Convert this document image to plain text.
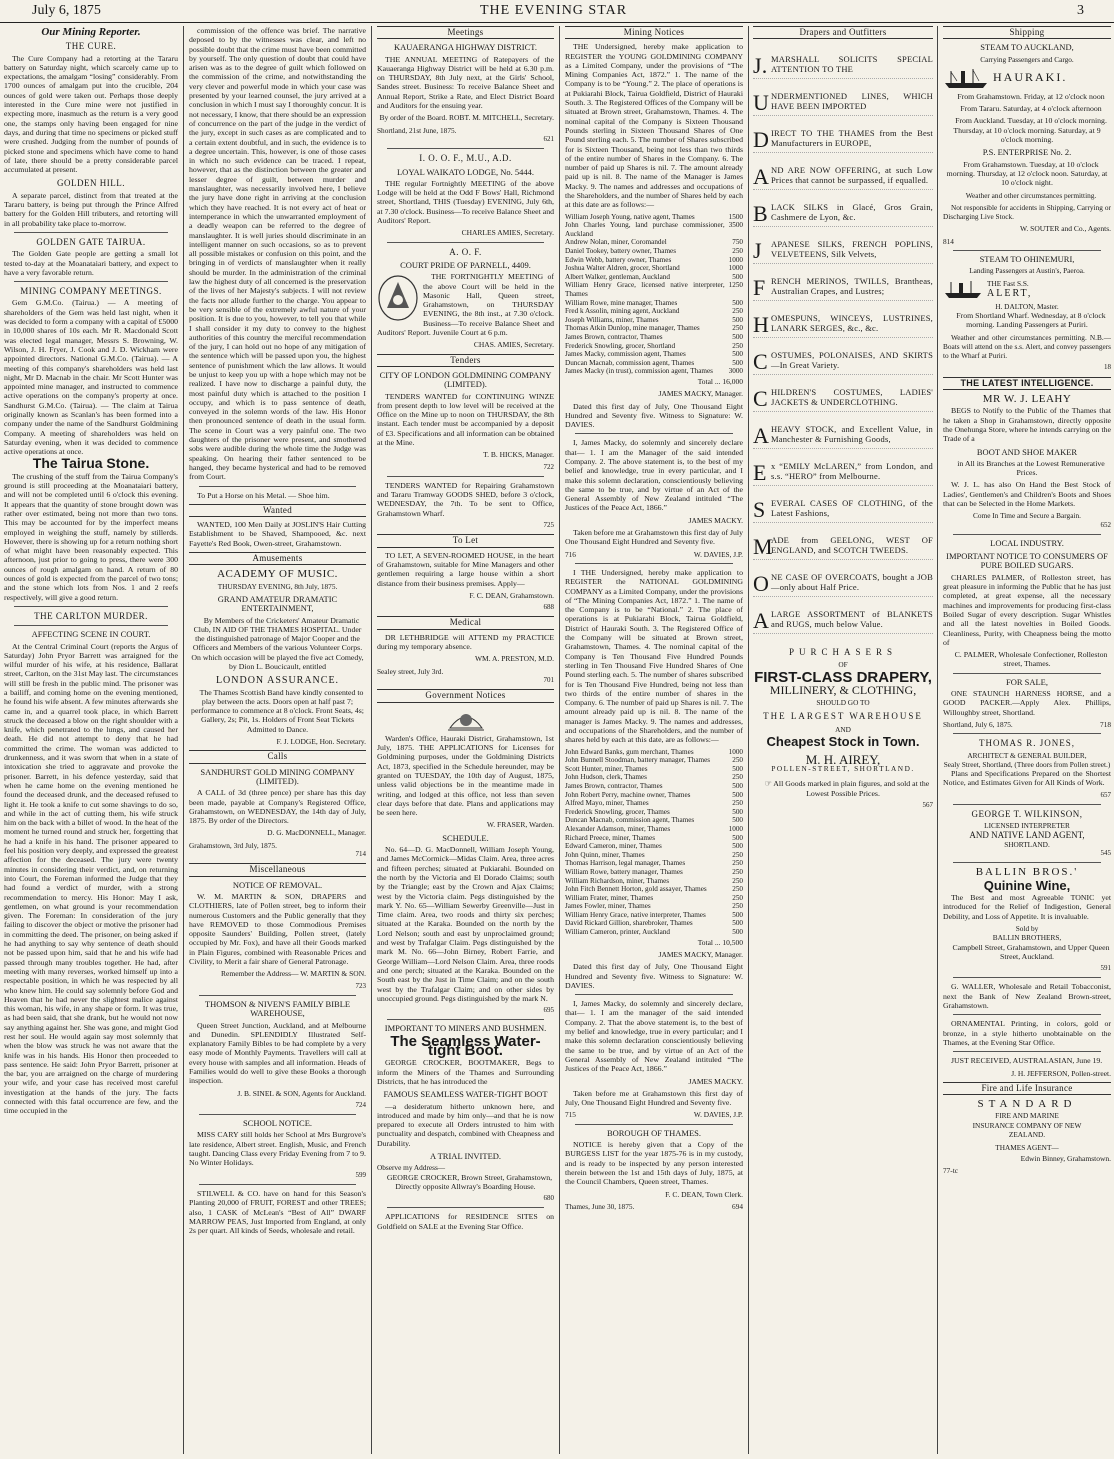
July 6, 1875	THE EVENING STAR	3
Our Mining Reporter.
THE CURE.

The Cure Company had a retorting at the Tararu battery on Saturday night, which scarcely came up to expectations, the amalgam “losing” considerably. From 1700 ounces of amalgam put into the crucible, 204 ounces of gold were taken out. Perhaps those deeply interested in the Cure mine were not justified in expecting more, inasmuch as the return is a very good one, the stamps only having been engaged for nine days, and during that time no specimens or picked stuff were crushed. Judging from the number of pounds of picked stone and specimens which have come to hand of late, there should be a pretty considerable parcel accumulated at present.

GOLDEN HILL.

A separate parcel, distinct from that treated at the Tararu battery, is being put through the Prince Alfred battery for the Golden Hill tributers, and retorting will in all probability take place to-morrow.

GOLDEN GATE TAIRUA.

The Golden Gate people are getting a small lot tested to-day at the Moanataiari battery, and expect to have a very favorable return.

MINING COMPANY MEETINGS.

Gem G.M.Co. (Tairua.) — A meeting of shareholders of the Gem was held last night, when it was decided to form a company with a capital of £5000 in 10,000 shares of 10s each. Mr R. Macdonald Scott was elected legal manager, Messrs S. Browning, W. Wilson, J. H. Fryer, J. Cook and J. D. Wickham were appointed directors. National G.M.Co. (Tairua). — A meeting of this company's shareholders was held last night, Mr D. Macnab in the chair. Mr Scott Hunter was appointed mine manager, and instructed to commence active operations on the company's property at once. Sandhurst G.M.Co. (Tairua). — The claim at Tairua originally known as Scanlan's has been formed into a company under the name of the Sandhurst Goldmining Company. A meeting of shareholders was held on Saturday evening, when it was decided to commence active operations at once.

The Tairua Stone.

The crushing of the stuff from the Tairua Company's ground is still proceeding at the Moanataiari battery, and will not be completed until 6 o'clock this evening. It appears that the quantity of stone brought down was rather over estimated, being not more than two tons. This may be accounted for by the imperfect means employed in weighing the stuff, namely by stillerds. However, there is showing up for a return nothing short of what might have been reasonably expected. This afternoon, just prior to going to press, there were 300 ounces of rough amalgam on hand. A return of 80 ounces of gold is expected from the parcel of two tons; and the stone which lots from Nos. 1 and 2 reefs respectively, will give a good return.

THE CARLTON MURDER.
AFFECTING SCENE IN COURT.

At the Central Criminal Court (reports the Argus of Saturday) John Pryor Barrett was arraigned for the wilful murder of his wife, at his residence, Ballarat street, Carlton, on the 31st May last. The circumstances will still be fresh in the public mind. The prisoner was a bailiff, and coming home on the evening mentioned, he found his wife absent. A few minutes afterwards she came in, and a quarrel took place, in which Barrett struck the deceased a blow on the right shoulder with a knife, which penetrated to the lungs, and caused her death. He did not attempt to deny that he had committed the crime. The woman was addicted to drunkenness, and it was sworn that when in a state of intoxication she tried to aggravate and provoke the prisoner. Barrett, in his defence yesterday, said that when he came home on the evening mentioned he found the deceased drunk, and the deceased refused to light it. He took a knife to cut some shavings to do so, and while in the act of cutting them, his wife struck him on the back with a billet of wood. In the heat of the moment he turned round and struck her, forgetting that he had a knife in his hand. The prisoner appeared to feel his position very deeply, and expressed the greatest affection for the deceased. The jury were twenty minutes in considering their verdict, and, on returning into Court, the Foreman informed the Judge that they had found a verdict of murder, with a strong recommendation to mercy. His Honor: May I ask, gentlemen, on what ground is your recommendation given. The Foreman: In consideration of the jury failing to discover the object or motive the prisoner had in committing the deed. The prisoner, on being asked if he had anything to say why sentence of death should not be passed upon him, said that he and his wife had passed through many troubles together. He had, after meeting with many reverses, worked himself up into a respectable position, in which he was respected by all who knew him. He could say solemnly before God and Heaven that he had never the slightest malice against this woman, his wife, in any shape or form. It was true, as had been said, that she drank, but he would not now say anything against her. She was gone, and might God rest her soul. He would again say most solemnly that when the blow was struck he was not aware that the knife was in his hands. His Honor then proceeded to pass sentence. He said: John Pryor Barrett, prisoner at the bar, you are arraigned on the charge of murdering your wife, and your case has received most careful investigation at the hands of the jury. The facts connected with this fatal occurrence are few, and the time occupied in the

commission of the offence was brief. The narrative deposed to by the witnesses was clear, and left no possible doubt that the crime must have been committed by yourself. The only question of doubt that could have arisen was as to the degree of guilt which followed on the commission of the crime, and notwithstanding the very clever and powerful mode in which your case was presented by your learned counsel, the jury arrived at a conclusion in which I must say I thoroughly concur. It is not necessary, I know, that there should be an expression of concurrence on the part of the judge in the verdict of the jury, except in such cases as are complicated and to a certain extent doubtful, and in such, the evidence is to a degree uncertain. This, however, is one of those cases in which no such evidence can be traced. I repeat, however, that as the distinction between the greater and lesser degree of guilt, between murder and manslaughter, was necessarily involved here, I believe the jury have done right in arriving at the conclusion which they have reached. It is not every act of heat or intemperance in which the unwarranted employment of a deadly weapon can be referred to the degree of manslaughter. It is well juries should discriminate in an intelligent manner on such occasions, so as to prevent all possible mistakes or confusion on this point, and the bringing in of verdicts of manslaughter when it really should be murder. In the administration of the criminal law the highest duty of all concerned is the preservation of the lives of her Majesty's subjects. I will not review the facts nor allude further to the charge. You appear to be very sensible of the extremely awful nature of your position. It is due to you, however, to tell you that while I shall consider it my duty to convey to the highest authorities of this country the merciful recommendation of the jury, I can hold out no hope of any mitigation of the sentence which will be passed upon you, the highest sentence of punishment which the law allows. It would be unjust to keep you up with a hope which may not be realized. I have now to discharge a painful duty, the most painful duty which is attached to the position I occupy, and which is to pass sentence of death, conveyed in the solemn words of the law. His Honor then pronounced sentence of death in the usual form. The scene in Court was a very painful one. The two daughters of the prisoner were present, and smothered sobs were audible during the whole time the Judge was speaking. On hearing their father sentenced to be hanged, they became hysterical and had to be removed from Court.

To Put a Horse on his Metal. — Shoe him.

Wanted

WANTED, 100 Men Daily at JOSLIN'S Hair Cutting Establishment to be Shaved, Shampooed, &c. next Fayette's Red Book, Owen-street, Grahamstown.

Amusements
ACADEMY OF MUSIC.
THURSDAY EVENING, 8th July, 1875.
GRAND AMATEUR DRAMATIC ENTERTAINMENT,

By Members of the Cricketers' Amateur Dramatic Club, IN AID OF THE THAMES HOSPITAL. Under the distinguished patronage of Major Cooper and the Officers and Members of the various Volunteer Corps. On which occasion will be played the five act Comedy, by Dion L. Boucicault, entitled

LONDON ASSURANCE.

The Thames Scottish Band have kindly consented to play between the acts. Doors open at half past 7; performance to commence at 8 o'clock. Front Seats, 4s; Gallery, 2s; Pit, 1s. Holders of Front Seat Tickets Admitted to Dance.

F. J. LODGE, Hon. Secretary.
Calls
SANDHURST GOLD MINING COMPANY (LIMITED).

A CALL of 3d (three pence) per share has this day been made, payable at Company's Registered Office, Grahamstown, on WEDNESDAY, the 14th day of July, 1875. By order of the Directors.

D. G. MacDONNELL, Manager.
Grahamstown, 3rd July, 1875.
714
Miscellaneous
NOTICE OF REMOVAL.

W. M. MARTIN & SON, DRAPERS and CLOTHIERS, late of Pollen street, beg to inform their numerous Customers and the Public generally that they have REMOVED to those Commodious Premises opposite Saunders' Building, Pollen street, (lately occupied by Mr. Fox), and have all their Goods marked in Plain Figures, combined with Reasonable Prices and Civility, to Merit a fair share of General Patronage.

Remember the Address— W. MARTIN & SON.
723
THOMSON & NIVEN'S FAMILY BIBLE WAREHOUSE,

Queen Street Junction, Auckland, and at Melbourne and Dunedin. SPLENDIDLY Illustrated Self-explanatory Family Bibles to be had complete by a very easy mode of Monthly Payments. Travellers will call at every house with samples and all information. Heads of Families would do well to give these Books a thorough inspection.

J. B. SINEL & SON, Agents for Auckland.
724
SCHOOL NOTICE.

MISS CARY still holds her School at Mrs Burgrove's late residence, Albert street. English, Music, and French taught. Dancing Class every Friday Evening from 7 to 9. No Winter Holidays.

599

STILWELL & CO. have on hand for this Season's Planting 20,000 of FRUIT, FOREST and other TREES; also, 1 CASK of McLean's “Best of All” DWARF MARROW PEAS, Just Imported from England, at only 2s per quart. All kinds of Seeds, wholesale and retail.

Meetings
KAUAERANGA HIGHWAY DISTRICT.

THE ANNUAL MEETING of Ratepayers of the Kauaeranga Highway District will be held at 6.30 p.m. on THURSDAY, 8th July next, at the Girls' School, Sandes street. Business: To receive Balance Sheet and Annual Report, Strike a Rate, and Elect District Board and Auditors for the ensuing year.

By order of the Board. ROBT. M. MITCHELL, Secretary.
Shortland, 21st June, 1875.
621
I. O. O. F., M.U., A.D.
LOYAL WAIKATO LODGE, No. 5444.

THE regular Fortnightly MEETING of the above Lodge will be held at the Odd F Bows' Hall, Richmond street, Shortland, THIS (Tuesday) EVENING, July 6th, at 7.30 o'clock. Business—To receive Balance Sheet and Auditors' Report.

CHARLES AMIES, Secretary.
A. O. F.
COURT PRIDE OF PARNELL, 4409.

THE FORTNIGHTLY MEETING of the above Court will be held in the Masonic Hall, Queen street, Grahamstown, on THURSDAY EVENING, the 8th inst., at 7.30 o'clock. Business—To receive Balance Sheet and Auditors' Report. Juvenile Court at 6 p.m.

CHAS. AMIES, Secretary.
Tenders
CITY OF LONDON GOLDMINING COMPANY (LIMITED).

TENDERS WANTED for CONTINUING WINZE from present depth to low level will be received at the Office on the Mine up to noon on THURSDAY, the 8th instant. Each tender must be accompanied by a deposit of £3. Specifications and all information can be obtained at the Mine.

T. B. HICKS, Manager.
722

TENDERS WANTED for Repairing Grahamstown and Tararu Tramway GOODS SHED, before 3 o'clock, WEDNESDAY, the 7th. To be sent to Office, Grahamstown Wharf.

725
To Let

TO LET, A SEVEN-ROOMED HOUSE, in the heart of Grahamstown, suitable for Mine Managers and other gentlemen requiring a large house within a short distance from their business premises. Apply—

F. C. DEAN, Grahamstown.
688
Medical

DR LETHBRIDGE will ATTEND my PRACTICE during my temporary absence.

WM. A. PRESTON, M.D.
Sealey street, July 3rd.
701
Government Notices

Warden's Office, Hauraki District, Grahamstown, 1st July, 1875. THE APPLICATIONS for Licenses for Goldmining purposes, under the Goldmining Districts Act, 1873, specified in the Schedule hereunder, may be granted on TUESDAY, the 10th day of August, 1875, unless valid objections be in the meantime made in writing, and lodged at this office, not less than seven clear days before that date. Plans and applications may be seen here.

W. FRASER, Warden.
SCHEDULE.

No. 64—D. G. MacDonnell, William Joseph Young, and James McCormick—Midas Claim. Area, three acres and fifteen perches; situated at Pukiarahi. Bounded on the north by the Victoria and El Dorado Claims; south by the Triangle; east by the Crown and Ajax Claims; west by the Victoria claim. Pegs distinguished by the mark Y. No. 65—William Sewerby Greenville—Just in Time claim. Area, two roods and thirty six perches; situated at the Karaka. Bounded on the north by the Lord Nelson; south and east by unproclaimed ground; and west by Trafalgar Claim. Pegs distinguished by the mark M. No. 66—John Birney, Robert Farrie, and George William—Lord Nelson Claim. Area, three roods and one perch; situated at the Karaka. Bounded on the South east by the Just in Time Claim; and on the south west by the Trafalgar Claim; and on other sides by unoccupied ground. Pegs distinguished by the mark N.

695
IMPORTANT TO MINERS AND BUSHMEN.
The Seamless Water-tight Boot.

GEORGE CROCKER, BOOTMAKER, Begs to inform the Miners of the Thames and Surrounding Districts, that he has introduced the

FAMOUS SEAMLESS WATER-TIGHT BOOT

—a desideratum hitherto unknown here, and introduced and made by him only—and that he is now prepared to execute all Orders intrusted to him with punctuality and despatch, combined with Cheapness and Durability.

A TRIAL INVITED.
Observe my Address—

GEORGE CROCKER, Brown Street, Grahamstown, Directly opposite Allwray's Boarding House.

680

APPLICATIONS for RESIDENCE SITES on Goldfield on SALE at the Evening Star Office.

Mining Notices

THE Undersigned, hereby make application to REGISTER the YOUNG GOLDMINING COMPANY as a Limited Company, under the provisions of “The Mining Companies Act, 1872.” 1. The name of the Company is to be “Young.” 2. The place of operations is at Pukiarahi Block, Tairua Goldfield, District of Hauraki South. 3. The Registered Offices of the Company will be situated at Brown street, Grahamstown, Thames. 4. The nominal capital of the Company is Sixteen Thousand Pounds sterling in Sixteen Thousand Shares of One Pound sterling each. 5. The number of Shares subscribed for is Sixteen Thousand, being not less than two thirds of the entire number of Shares in the Company. 6. The number of paid up Shares is nil. 7. The amount already paid up is nil. 8. The name of the Manager is James Macky. 9. The names and addresses and occupations of the Shareholders, and the number of Shares held by each at this date are as follows:—

William Joseph Young, native agent, Thames	1500
John Charles Young, land purchase commissioner, Auckland
3500
Andrew Nolan, miner, Coromandel	750
Daniel Tookey, battery owner, Thames	250
Edwin Webb, battery owner, Thames	1000
Joshua Walter Aldren, grocer, Shortland	1000
Albert Walker, gentleman, Auckland	500
William Henry Grace, licensed native interpreter, Thames
1250
William Rowe, mine manager, Thames	500
Fred k Assolin, mining agent, Auckland	250
Joseph Williams, miner, Thames	500
Thomas Atkin Dunlop, mine manager, Thames	250
James Brown, contractor, Thames	500
Frederick Snowling, grocer, Shortland	250
James Macky, commission agent, Thames	500
Duncan Macnab, commission agent, Thames	500
James Macky (in trust), commission agent, Thames	3000
Total ... 16,000
JAMES MACKY, Manager.

Dated this first day of July, One Thousand Eight Hundred and Seventy five. Witness to Signature: W. DAVIES.

I, James Macky, do solemnly and sincerely declare that— 1. I am the Manager of the said intended Company. 2. The above statement is, to the best of my belief and knowledge, true in every particular, and I make this solemn declaration, conscientiously believing the same to be true, and by virtue of an Act of the General Assembly of New Zealand intituled “The Justices of the Peace Act, 1866.”

JAMES MACKY.

Taken before me at Grahamstown this first day of July One Thousand Eight Hundred and Seventy five.

716	W. DAVIES, J.P.

I THE Undersigned, hereby make application to REGISTER the NATIONAL GOLDMINING COMPANY as a Limited Company, under the provisions of “The Mining Companies Act, 1872.” 1. The name of the Company is to be “National.” 2. The place of operations is at Pukiarahi Block, Tairua Goldfield, District of Hauraki South. 3. The Registered Office of the Company will be situated at Brown street, Grahamstown, Thames. 4. The nominal capital of the Company is Ten Thousand Five Hundred Pounds sterling in Ten Thousand Five Hundred Shares of One Pound sterling each. 5. The number of shares subscribed for is Ten Thousand Five Hundred, being not less than two thirds of the entire number of shares in the Company. 6. The number of paid up Shares is nil. 7. The amount already paid up is nil. 8. The name of the manager is James Macky. 9. The names and addresses, and occupations of the Shareholders, and the number of shares held by each at this date, are as follows:—

John Edward Banks, gum merchant, Thames	1000
John Bunnell Stoodman, battery manager, Thames	250
Scott Hunter, miner, Thames	500
John Hudson, clerk, Thames	250
James Brown, contractor, Thames	500
John Robert Perry, machine owner, Thames	500
Alfred Mayo, miner, Thames	250
Frederick Snowling, grocer, Thames	500
Duncan Macnab, commission agent, Thames	500
Alexander Adamson, miner, Thames	1000
Richard Preece, miner, Thames	500
Edward Cameron, miner, Thames	500
John Quinn, miner, Thames	250
Thomas Harrison, legal manager, Thames	250
William Rowe, battery manager, Thames	250
William Richardson, miner, Thames	250
John Fitch Bennett Horton, gold assayer, Thames	250
William Frater, miner, Thames	250
James Fowler, miner, Thames	250
William Henry Grace, native interpreter, Thames	500
David Rickard Gillion, sharebroker, Thames	500
William Cameron, printer, Auckland	500
Total ... 10,500
JAMES MACKY, Manager.

Dated this first day of July, One Thousand Eight Hundred and Seventy five. Witness to Signature: W. DAVIES.

I, James Macky, do solemnly and sincerely declare, that— 1. I am the manager of the said intended Company. 2. That the above statement is, to the best of my belief and knowledge, true in every particular; and I make this solemn declaration conscientiously believing the same to be true, and by virtue of an Act of the General Assembly of New Zealand intituled “The Justices of the Peace Act, 1866.”

JAMES MACKY.

Taken before me at Grahamstown this first day of July, One Thousand Eight Hundred and Seventy five.

715	W. DAVIES, J.P.
BOROUGH OF THAMES.

NOTICE is hereby given that a Copy of the BURGESS LIST for the year 1875-76 is in my custody, and is ready to be inspected by any person interested therein between the 1st and 15th days of July, 1875, at the Council Chambers, Queen street, Thames.

F. C. DEAN, Town Clerk.
Thames, June 30, 1875.	694
Drapers and Outfitters
J. MARSHALL SOLICITS SPECIAL ATTENTION TO THE
U NDERMENTIONED LINES, WHICH HAVE BEEN IMPORTED
D IRECT TO THE THAMES from the Best Manufacturers in EUROPE,
A ND ARE NOW OFFERING, at such Low Prices that cannot be surpassed, if equalled.
B LACK SILKS in Glacé, Gros Grain, Cashmere de Lyon, &c.
J	APANESE SILKS, FRENCH POPLINS, VELVETEENS, Silk Velvets,
F RENCH MERINOS, TWILLS, Brantheas, Australian Crapes, and Lustres;
H OMESPUNS, WINCEYS, LUSTRINES, LANARK SERGES, &c., &c.
C OSTUMES, POLONAISES, AND SKIRTS—In Great Variety.
C HILDREN'S COSTUMES, LADIES' JACKETS & UNDERCLOTHING.
A HEAVY STOCK, and Excellent Value, in Manchester & Furnishing Goods,
E x “EMILY McLAREN,” from London, and s.s. “HERO” from Melbourne.
S EVERAL CASES OF CLOTHING, of the Latest Fashions,
M
ADE from GEELONG, WEST OF ENGLAND, and SCOTCH TWEEDS.
O NE CASE OF OVERCOATS, bought a JOB—only about Half Price.
A LARGE ASSORTMENT of BLANKETS and RUGS, much below Value.
PURCHASERS
OF
FIRST-CLASS DRAPERY,
MILLINERY, & CLOTHING,
SHOULD GO TO
THE LARGEST WAREHOUSE
AND
Cheapest Stock in Town.
M. H. AIREY,
POLLEN-STREET, SHORTLAND.

☞ All Goods marked in plain figures, and sold at the Lowest Possible Prices.

567
Shipping
STEAM TO AUCKLAND,
Carrying Passengers and Cargo.
HAURAKI.

From Grahamstown. Friday, at 12 o'clock noon

From Tararu. Saturday, at 4 o'clock afternoon

From Auckland. Tuesday, at 10 o'clock morning. Thursday, at 10 o'clock morning. Saturday, at 9 o'clock morning.

P.S. ENTERPRISE No. 2.

From Grahamstown. Tuesday, at 10 o'clock morning. Thursday, at 12 o'clock noon. Saturday, at 10 o'clock night.

Weather and other circumstances permitting.

Not responsible for accidents in Shipping, Carrying or Discharging Live Stock.

W. SOUTER and Co., Agents.
814
STEAM TO OHINEMURI,
Landing Passengers at Austin's, Paeroa.
THE Fast S.S.
ALERT,
H. DALTON, Master.

From Shortland Wharf. Wednesday, at 8 o'clock morning. Landing Passengers at Puriri.

Weather and other circumstances permitting. N.B.—Boats will attend on the s.s. Alert, and convey passengers to the Wharf at Puriri.

18
THE LATEST INTELLIGENCE.
MR W. J. LEAHY

BEGS to Notify to the Public of the Thames that he taken a Shop in Grahamstown, directly opposite the Onehunga Store, where he intends carrying on the Trade of a

BOOT AND SHOE MAKER

in All its Branches at the Lowest Remunerative Prices.

W. J. L. has also On Hand the Best Stock of Ladies', Gentlemen's and Children's Boots and Shoes that can be Selected in the Home Markets.

Come In Time and Secure a Bargain.
652
LOCAL INDUSTRY.
IMPORTANT NOTICE TO CONSUMERS OF PURE BOILED SUGARS.

CHARLES PALMER, of Rolleston street, has great pleasure in informing the Public that he has just completed, at great expense, all the necessary machines and improvements for producing first-class Boiled Sugar of every description. Sugar Whistles and all the latest novelties in Boiled Goods. Cleanliness, Purity, with Cheapness being the motto of

C. PALMER, Wholesale Confectioner, Rolleston street, Thames.

FOR SALE,

ONE STAUNCH HARNESS HORSE, and a GOOD PACKER.—Apply Alex. Phillips, Willoughby street, Shortland.

Shortland, July 6, 1875.	718
THOMAS R. JONES,
ARCHITECT & GENERAL BUILDER,
Sealy Street, Shortland, (Three doors from Pollen street.)

Plans and Specifications Prepared on the Shortest Notice, and Estimates Given for All Kinds of Work.

657
GEORGE T. WILKINSON,
LICENSED INTERPRETER
AND NATIVE LAND AGENT,
SHORTLAND.
545
BALLIN BROS.'
Quinine Wine,

The Best and most Agreeable TONIC yet introduced for the Relief of Indigestion, General Debility, and Loss of Appetite. It is invaluable.

Sold by
BALLIN BROTHERS,

Campbell Street, Grahamstown, and Upper Queen Street, Auckland.

591

G. WALLER, Wholesale and Retail Tobacconist, next the Bank of New Zealand Brown-street, Grahamstown.

ORNAMENTAL Printing, in colors, gold or bronze, in a style hitherto unobtainable on the Thames, at the Evening Star Office.

JUST RECEIVED, AUSTRALASIAN, June 19.

J. H. JEFFERSON, Pollen-street.
Fire and Life Insurance
STANDARD
FIRE AND MARINE
INSURANCE COMPANY OF NEW
ZEALAND.
THAMES AGENT—
Edwin Binney, Grahamstown.
77-tc
